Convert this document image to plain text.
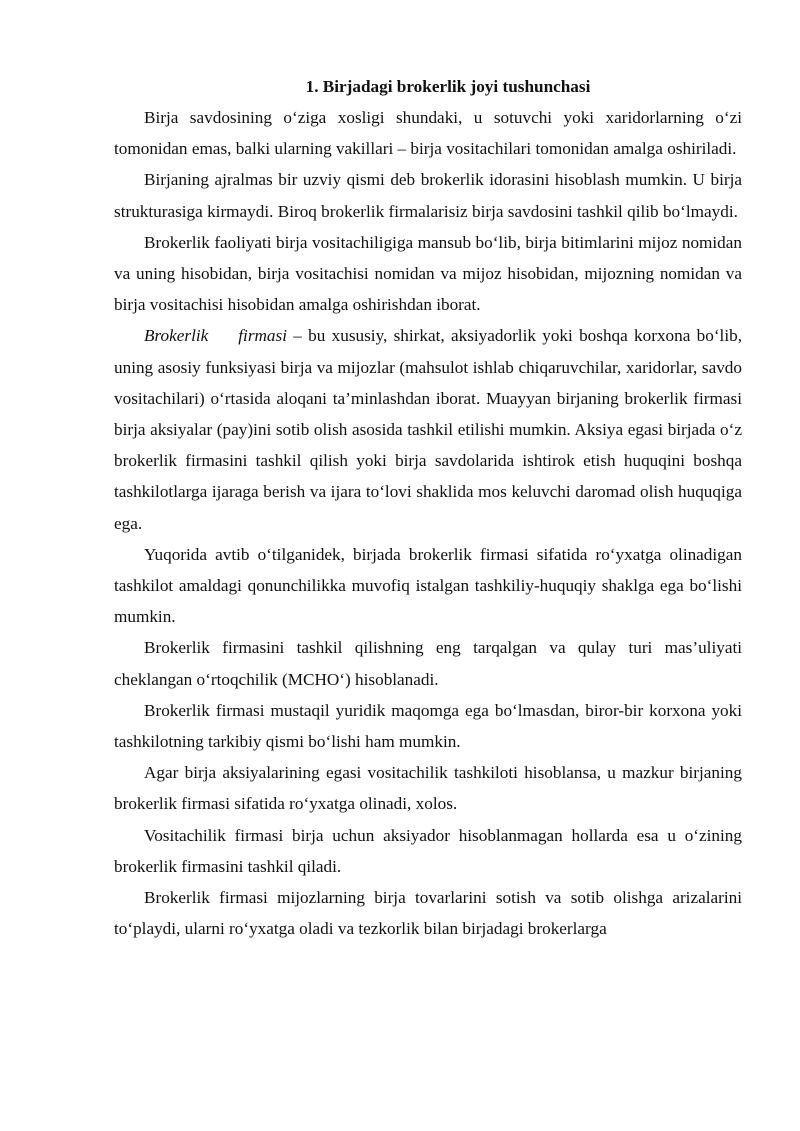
1. Birjadagi brokerlik joyi tushunchasi

Birja savdosining o‘ziga xosligi shundaki, u sotuvchi yoki xaridorlarning o‘zi tomonidan emas, balki ularning vakillari – birja vositachilari tomonidan amalga oshiriladi.

Birjaning ajralmas bir uzviy qismi deb brokerlik idorasini hisoblash mumkin. U birja strukturasiga kirmaydi. Biroq brokerlik firmalarisiz birja savdosini tashkil qilib bo‘lmaydi.

Brokerlik faoliyati birja vositachiligiga mansub bo‘lib, birja bitimlarini mijoz nomidan va uning hisobidan, birja vositachisi nomidan va mijoz hisobidan, mijozning nomidan va birja vositachisi hisobidan amalga oshirishdan iborat.

Brokerlik firmasi – bu xususiy, shirkat, aksiyadorlik yoki boshqa korxona bo‘lib, uning asosiy funksiyasi birja va mijozlar (mahsulot ishlab chiqaruvchilar, xaridorlar, savdo vositachilari) o‘rtasida aloqani ta’minlashdan iborat. Muayyan birjaning brokerlik firmasi birja aksiyalar (pay)ini sotib olish asosida tashkil etilishi mumkin. Aksiya egasi birjada o‘z brokerlik firmasini tashkil qilish yoki birja savdolarida ishtirok etish huquqini boshqa tashkilotlarga ijaraga berish va ijara to‘lovi shaklida mos keluvchi daromad olish huquqiga ega.

Yuqorida avtib o‘tilganidek, birjada brokerlik firmasi sifatida ro‘yxatga olinadigan tashkilot amaldagi qonunchilikka muvofiq istalgan tashkiliy-huquqiy shaklga ega bo‘lishi mumkin.

Brokerlik firmasini tashkil qilishning eng tarqalgan va qulay turi mas’uliyati cheklangan o‘rtoqchilik (MCHO‘) hisoblanadi.

Brokerlik firmasi mustaqil yuridik maqomga ega bo‘lmasdan, biror-bir korxona yoki tashkilotning tarkibiy qismi bo‘lishi ham mumkin.

Agar birja aksiyalarining egasi vositachilik tashkiloti hisoblansa, u mazkur birjaning brokerlik firmasi sifatida ro‘yxatga olinadi, xolos.

Vositachilik firmasi birja uchun aksiyador hisoblanmagan hollarda esa u o‘zining brokerlik firmasini tashkil qiladi.

Brokerlik firmasi mijozlarning birja tovarlarini sotish va sotib olishga arizalarini to‘playdi, ularni ro‘yxatga oladi va tezkorlik bilan birjadagi brokerlarga
